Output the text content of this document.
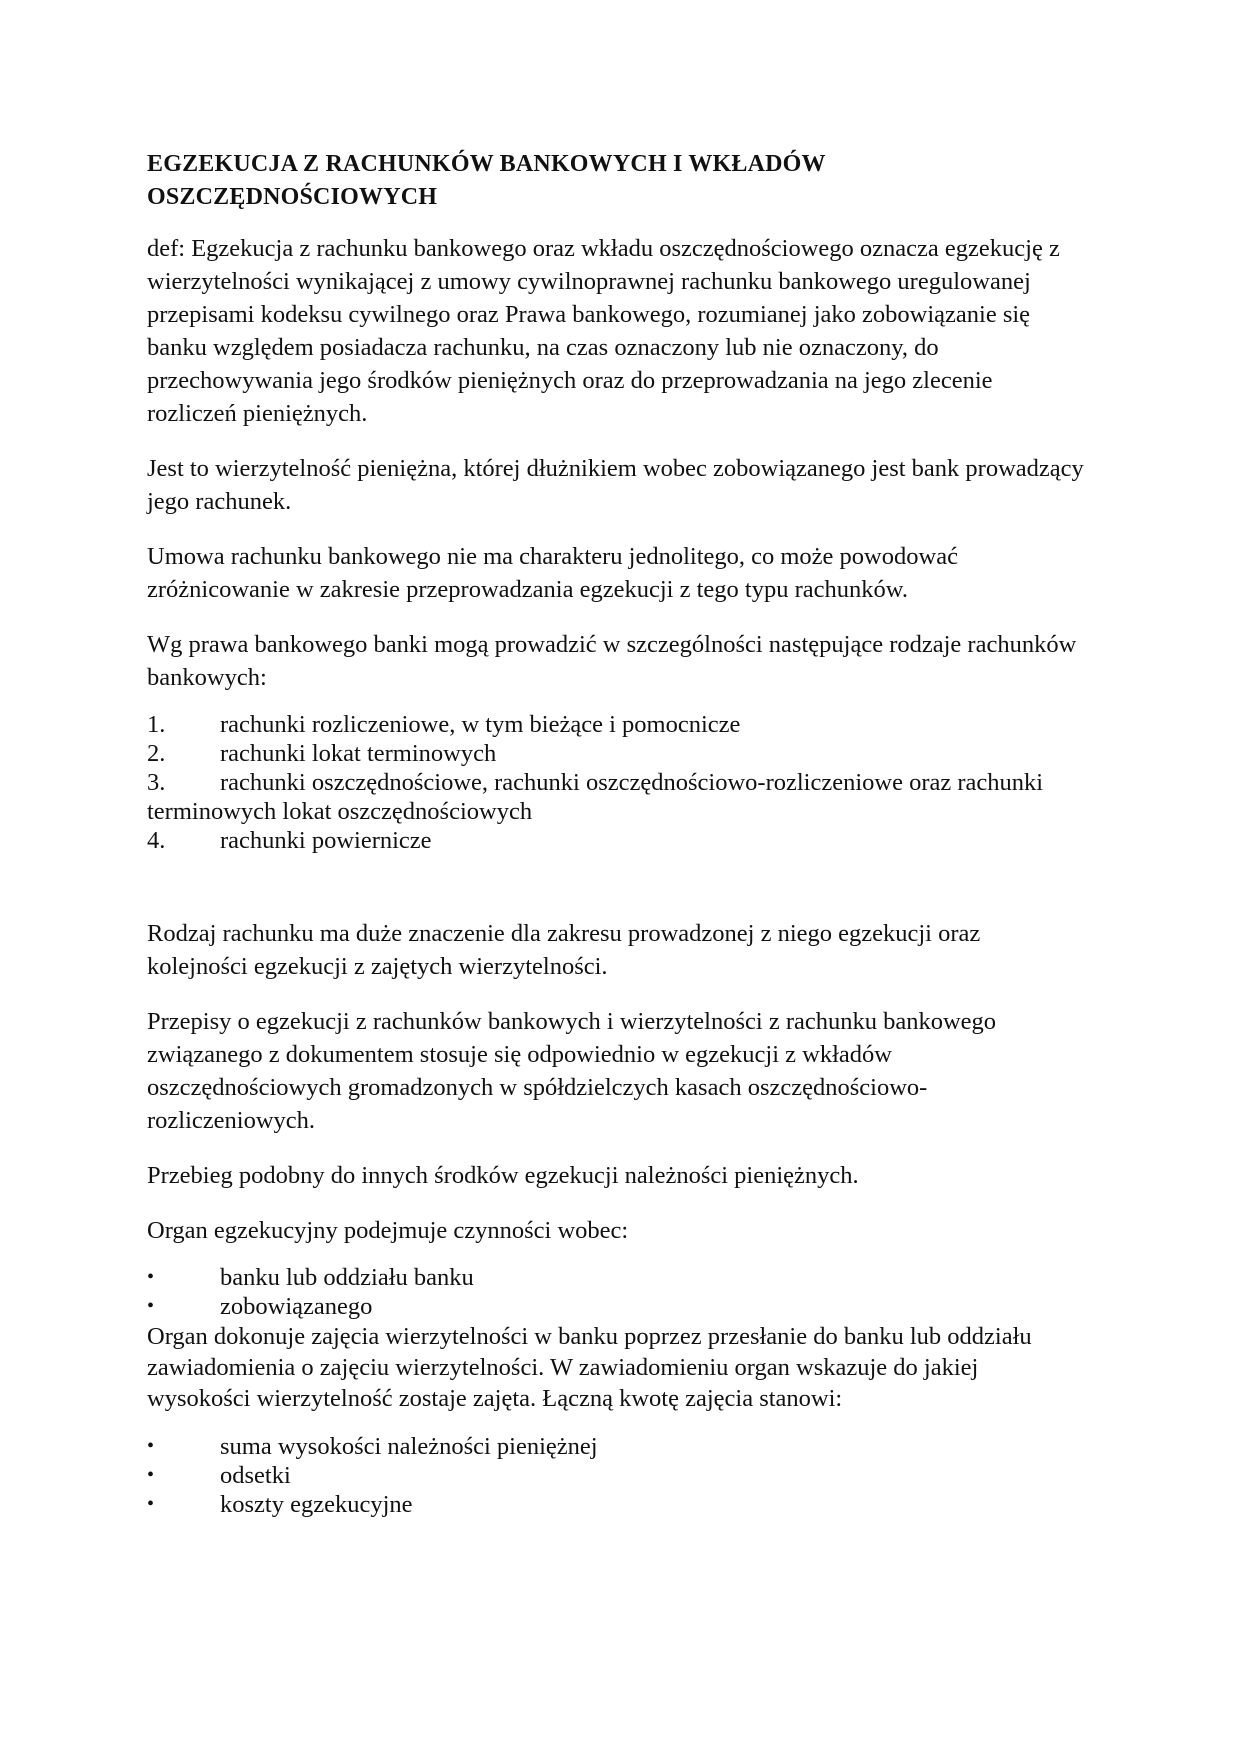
EGZEKUCJA Z RACHUNKÓW BANKOWYCH I WKŁADÓW
OSZCZĘDNOŚCIOWYCH

def: Egzekucja z rachunku bankowego oraz wkładu oszczędnościowego oznacza egzekucję z wierzytelności wynikającej z umowy cywilnoprawnej rachunku bankowego uregulowanej przepisami kodeksu cywilnego oraz Prawa bankowego, rozumianej jako zobowiązanie się banku względem posiadacza rachunku, na czas oznaczony lub nie oznaczony, do przechowywania jego środków pieniężnych oraz do przeprowadzania na jego zlecenie rozliczeń pieniężnych.

Jest to wierzytelność pieniężna, której dłużnikiem wobec zobowiązanego jest bank prowadzący jego rachunek.

Umowa rachunku bankowego nie ma charakteru jednolitego, co może powodować zróżnicowanie w zakresie przeprowadzania egzekucji z tego typu rachunków.

Wg prawa bankowego banki mogą prowadzić w szczególności następujące rodzaje rachunków bankowych:

1. rachunki rozliczeniowe, w tym bieżące i pomocnicze
2. rachunki lokat terminowych
3. rachunki oszczędnościowe, rachunki oszczędnościowo-rozliczeniowe oraz rachunki terminowych lokat oszczędnościowych
4. rachunki powiernicze

Rodzaj rachunku ma duże znaczenie dla zakresu prowadzonej z niego egzekucji oraz kolejności egzekucji z zajętych wierzytelności.

Przepisy o egzekucji z rachunków bankowych i wierzytelności z rachunku bankowego związanego z dokumentem stosuje się odpowiednio w egzekucji z wkładów oszczędnościowych gromadzonych w spółdzielczych kasach oszczędnościowo-rozliczeniowych.

Przebieg podobny do innych środków egzekucji należności pieniężnych.

Organ egzekucyjny podejmuje czynności wobec:

•	banku lub oddziału banku
•	zobowiązanego

Organ dokonuje zajęcia wierzytelności w banku poprzez przesłanie do banku lub oddziału zawiadomienia o zajęciu wierzytelności. W zawiadomieniu organ wskazuje do jakiej wysokości wierzytelność zostaje zajęta. Łączną kwotę zajęcia stanowi:

•	suma wysokości należności pieniężnej
•	odsetki
•	koszty egzekucyjne
